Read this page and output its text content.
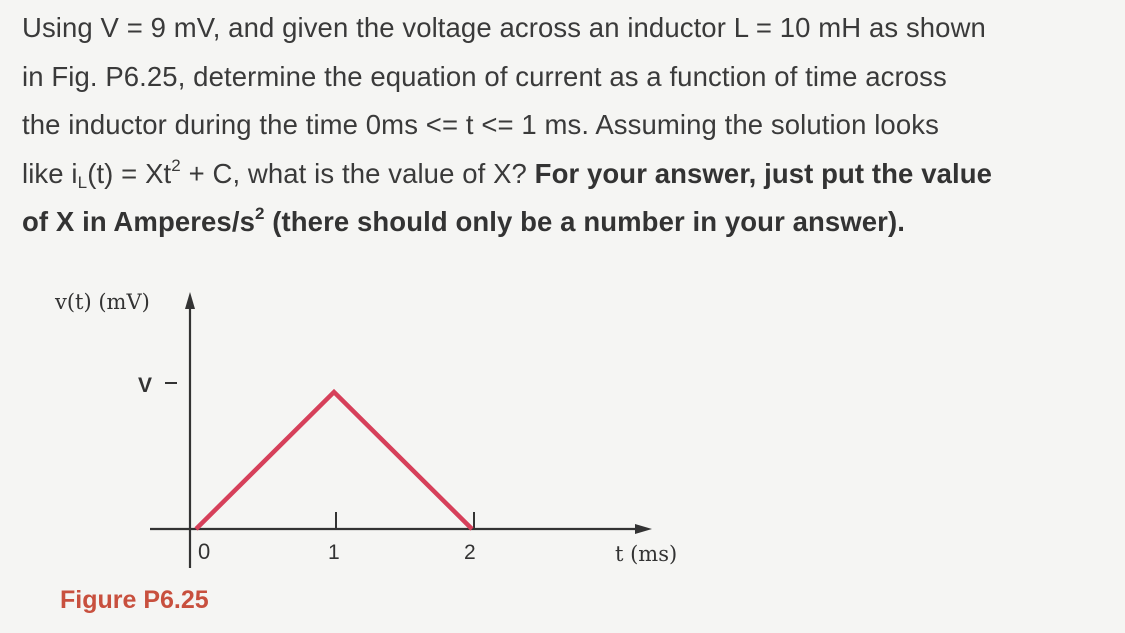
Using V = 9 mV, and given the voltage across an inductor L = 10 mH as shown
in Fig. P6.25, determine the equation of current as a function of time across
the inductor during the time 0ms <= t <= 1 ms. Assuming the solution looks
like $i_L(t) = Xt^2 + C$, what is the value of X? For your answer, just put the value
of X in Amperes/$s^2$ (there should only be a number in your answer).
v(t) (mV)
V
0	1	2	t (ms)
Figure P6.25
